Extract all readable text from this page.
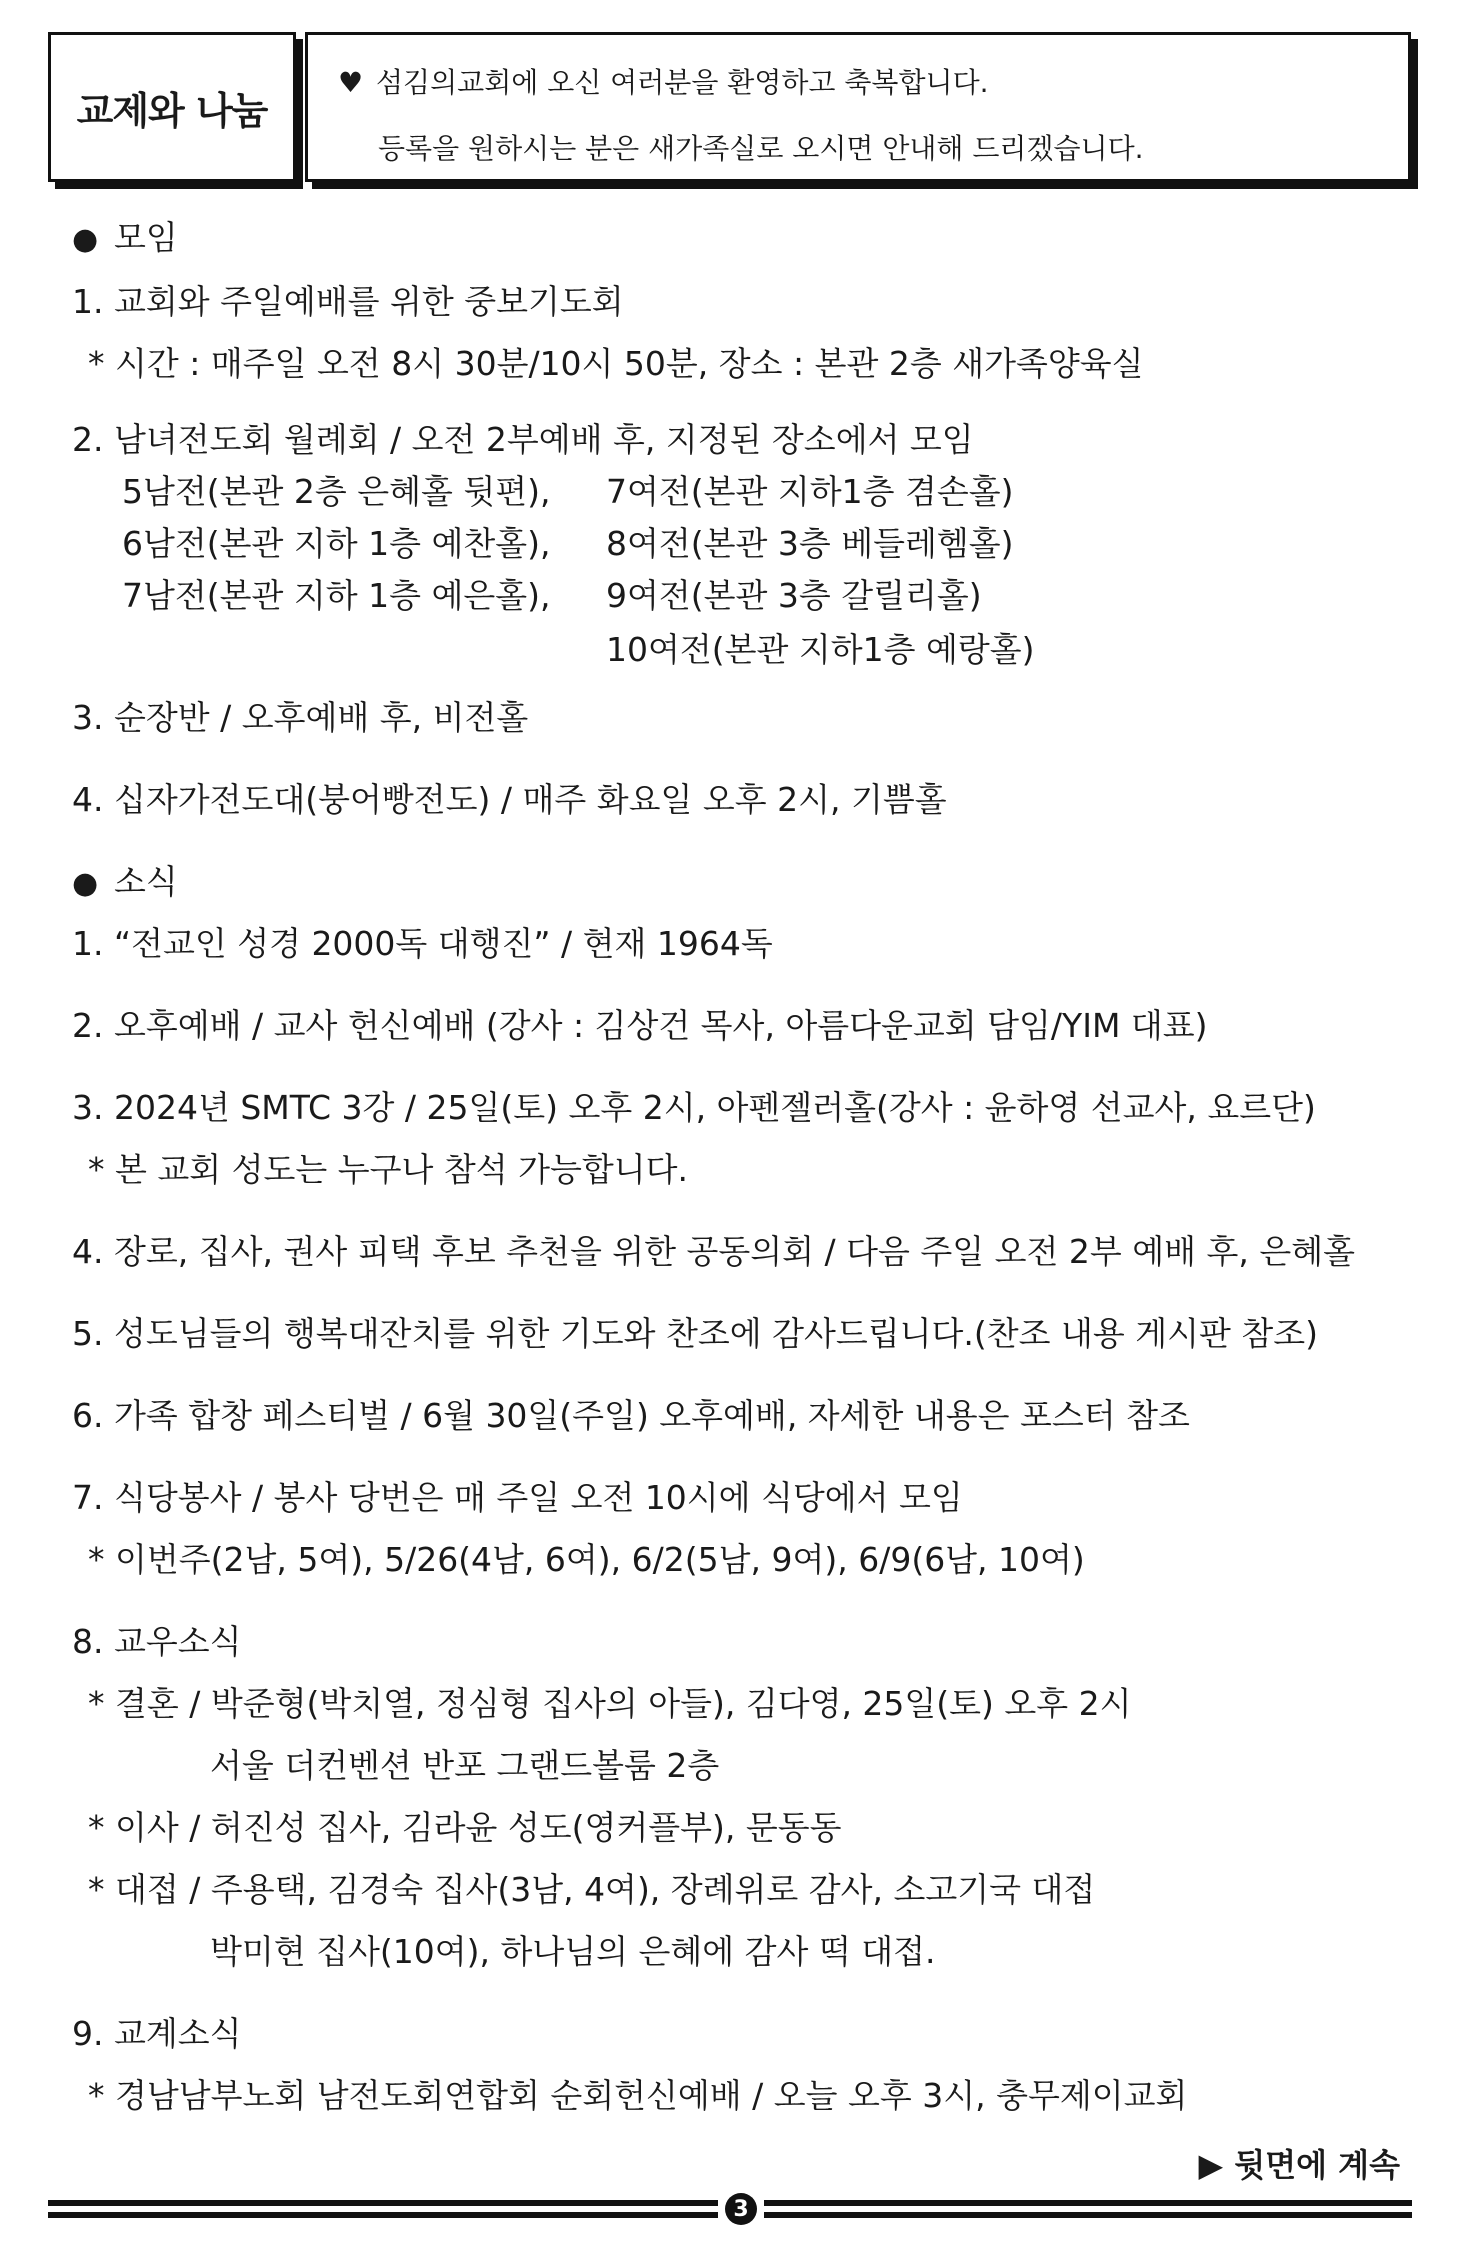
교제와 나눔
♥ 섬김의교회에 오신 여러분을 환영하고 축복합니다.
등록을 원하시는 분은 새가족실로 오시면 안내해 드리겠습니다.
● 모임
1. 교회와 주일예배를 위한 중보기도회
* 시간 : 매주일 오전 8시 30분/10시 50분, 장소 : 본관 2층 새가족양육실
2. 남녀전도회 월례회 / 오전 2부예배 후, 지정된 장소에서 모임
5남전(본관 2층 은혜홀 뒷편), 7여전(본관 지하1층 겸손홀)
6남전(본관 지하 1층 예찬홀), 8여전(본관 3층 베들레헴홀)
7남전(본관 지하 1층 예은홀), 9여전(본관 3층 갈릴리홀)
10여전(본관 지하1층 예랑홀)
3. 순장반 / 오후예배 후, 비전홀
4. 십자가전도대(붕어빵전도) / 매주 화요일 오후 2시, 기쁨홀
● 소식
1. “전교인 성경 2000독 대행진” / 현재 1964독
2. 오후예배 / 교사 헌신예배 (강사 : 김상건 목사, 아름다운교회 담임/YIM 대표)
3. 2024년 SMTC 3강 / 25일(토) 오후 2시, 아펜젤러홀(강사 : 윤하영 선교사, 요르단)
* 본 교회 성도는 누구나 참석 가능합니다.
4. 장로, 집사, 권사 피택 후보 추천을 위한 공동의회 / 다음 주일 오전 2부 예배 후, 은혜홀
5. 성도님들의 행복대잔치를 위한 기도와 찬조에 감사드립니다.(찬조 내용 게시판 참조)
6. 가족 합창 페스티벌 / 6월 30일(주일) 오후예배, 자세한 내용은 포스터 참조
7. 식당봉사 / 봉사 당번은 매 주일 오전 10시에 식당에서 모임
* 이번주(2남, 5여), 5/26(4남, 6여), 6/2(5남, 9여), 6/9(6남, 10여)
8. 교우소식
* 결혼 / 박준형(박치열, 정심형 집사의 아들), 김다영, 25일(토) 오후 2시
서울 더컨벤션 반포 그랜드볼룸 2층
* 이사 / 허진성 집사, 김라윤 성도(영커플부), 문동동
* 대접 / 주용택, 김경숙 집사(3남, 4여), 장례위로 감사, 소고기국 대접
박미현 집사(10여), 하나님의 은혜에 감사 떡 대접.
9. 교계소식
* 경남남부노회 남전도회연합회 순회헌신예배 / 오늘 오후 3시, 충무제이교회
▶ 뒷면에 계속
3
